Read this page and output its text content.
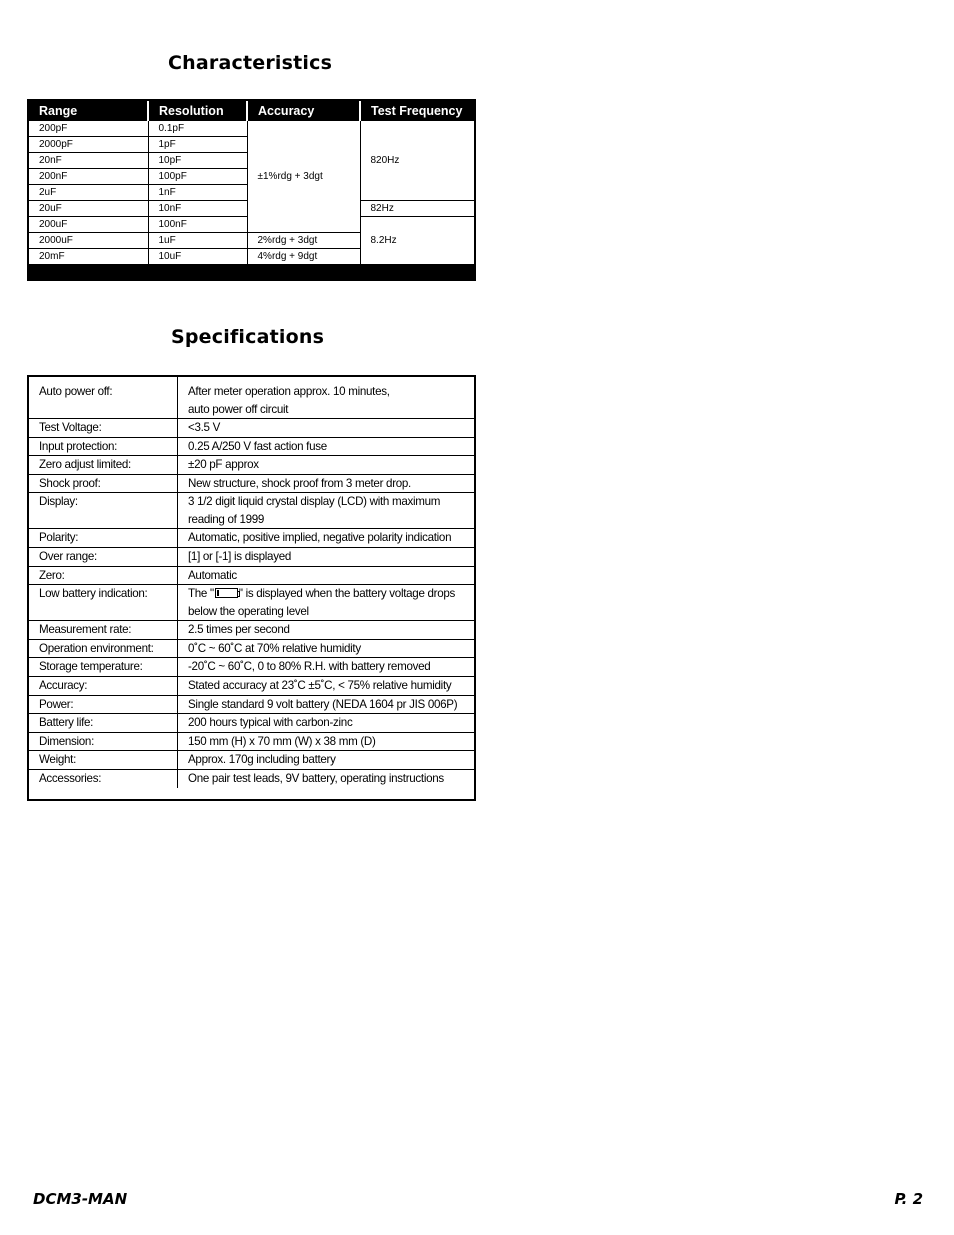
Characteristics
Range	Resolution	Accuracy	Test Frequency
200pF	0.1pF	±1%rdg + 3dgt	820Hz
2000pF	1pF		
20nF	10pF		
200nF	100pF		
2uF	1nF		
20uF	10nF		82Hz
200uF	100nF		8.2Hz
2000uF	1uF	2%rdg + 3dgt	
20mF	10uF	4%rdg + 9dgt	
Specifications
Auto power off:	After meter operation approx. 10 minutes,
auto power off circuit
Test Voltage:	<3.5 V
Input protection:	0.25 A/250 V fast action fuse
Zero adjust limited:	±20 pF approx
Shock proof:	New structure, shock proof from 3 meter drop.
Display:	3 1/2 digit liquid crystal display (LCD) with maximum
reading of 1999
Polarity:	Automatic, positive implied, negative polarity indication
Over range:	[1] or [-1] is displayed
Zero:	Automatic
Low battery indication:	The " " is displayed when the battery voltage drops
below the operating level
Measurement rate:	2.5 times per second
Operation environment:	0˚C ~ 60˚C at 70% relative humidity
Storage temperature:	-20˚C ~ 60˚C, 0 to 80% R.H. with battery removed
Accuracy:	Stated accuracy at 23˚C ±5˚C, < 75% relative humidity
Power:	Single standard 9 volt battery (NEDA 1604 pr JIS 006P)
Battery life:	200 hours typical with carbon-zinc
Dimension:	150 mm (H) x 70 mm (W) x 38 mm (D)
Weight:	Approx. 170g including battery
Accessories:	One pair test leads, 9V battery, operating instructions

DCM3-MAN	P. 2
